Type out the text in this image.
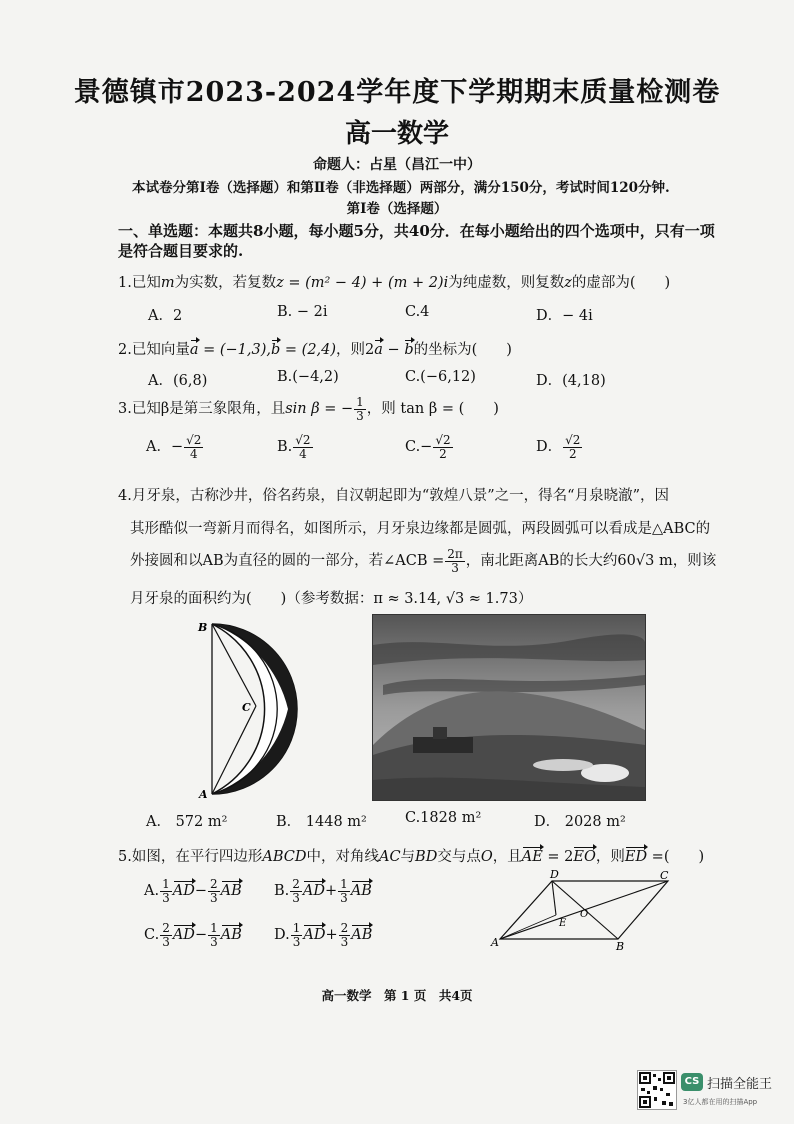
景德镇市2023-2024学年度下学期期末质量检测卷
高一数学
命题人：占星（昌江一中）
本试卷分第Ⅰ卷（选择题）和第Ⅱ卷（非选择题）两部分，满分150分，考试时间120分钟.
第Ⅰ卷（选择题）
一、单选题：本题共8小题，每小题5分，共40分．在每小题给出的四个选项中，只有一项
是符合题目要求的.
1.已知m为实数，若复数z = (m² − 4) + (m + 2)i为纯虚数，则复数z的虚部为(　　)
A．2	B. − 2i	C.4	D．− 4i
2.已知向量a = (−1,3),b = (2,4)，则2a − b的坐标为(　　)
A．(6,8)	B.(−4,2)	C.(−6,12)	D．(4,18)
3.已知β是第三象限角，且sin β = − $\frac{1}{3}$ ，则 tan β = (　　)
A．− $\frac{√2}{4}$	B. $\frac{√2}{4}$	$C.- \frac{√2}{2}$	D． $\frac{√2}{2}$
4.月牙泉，古称沙井，俗名药泉，自汉朝起即为“敦煌八景”之一，得名“月泉晓澈”，因
其形酷似一弯新月而得名，如图所示，月牙泉边缘都是圆弧，两段圆弧可以看成是△ABC的
外接圆和以AB为直径的圆的一部分，若∠ACB = $\frac{2\pi}{3}$ ，南北距离AB的长大约60√3 m，则该
月牙泉的面积约为(　　)（参考数据：π ≈ 3.14, √3 ≈ 1.73）
B
C
A
A． 572 m²	B． 1448 m²	C.1828 m²	D． 2028 m²
5.如图，在平行四边形ABCD中，对角线AC与BD交与点O，且AE = 2EO，则ED =(　　)
A. $\frac{1}{3} AD- \frac{2}{3}$ AB B. $\frac{2}{3} AD+ \frac{1}{3}$ AB
C. $\frac{2}{3} AD- \frac{1}{3}$ AB D. $\frac{1}{3} AD+ \frac{2}{3}$ AB	A	B
C
D
E
O
高一数学　第 1 页　共4页
CS 扫描全能王
3亿人都在用的扫描App
